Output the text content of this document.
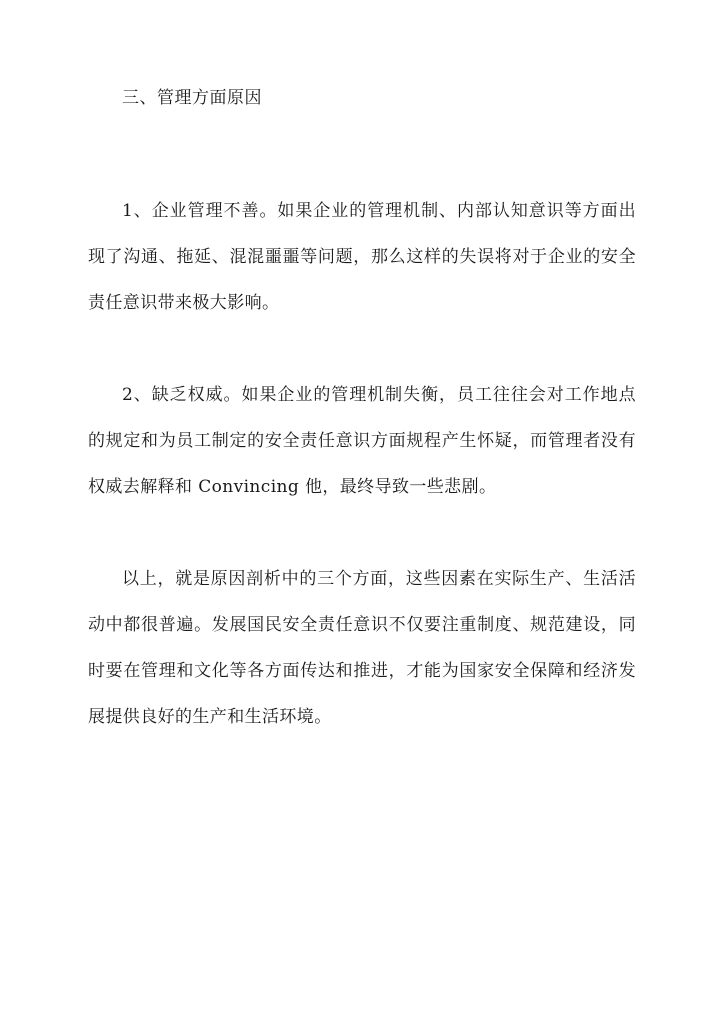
三、管理方面原因

1、企业管理不善。如果企业的管理机制、内部认知意识等方面出现了沟通、拖延、混混噩噩等问题，那么这样的失误将对于企业的安全责任意识带来极大影响。

2、缺乏权威。如果企业的管理机制失衡，员工往往会对工作地点的规定和为员工制定的安全责任意识方面规程产生怀疑，而管理者没有权威去解释和 Convincing 他，最终导致一些悲剧。

以上，就是原因剖析中的三个方面，这些因素在实际生产、生活活动中都很普遍。发展国民安全责任意识不仅要注重制度、规范建设，同时要在管理和文化等各方面传达和推进，才能为国家安全保障和经济发展提供良好的生产和生活环境。
